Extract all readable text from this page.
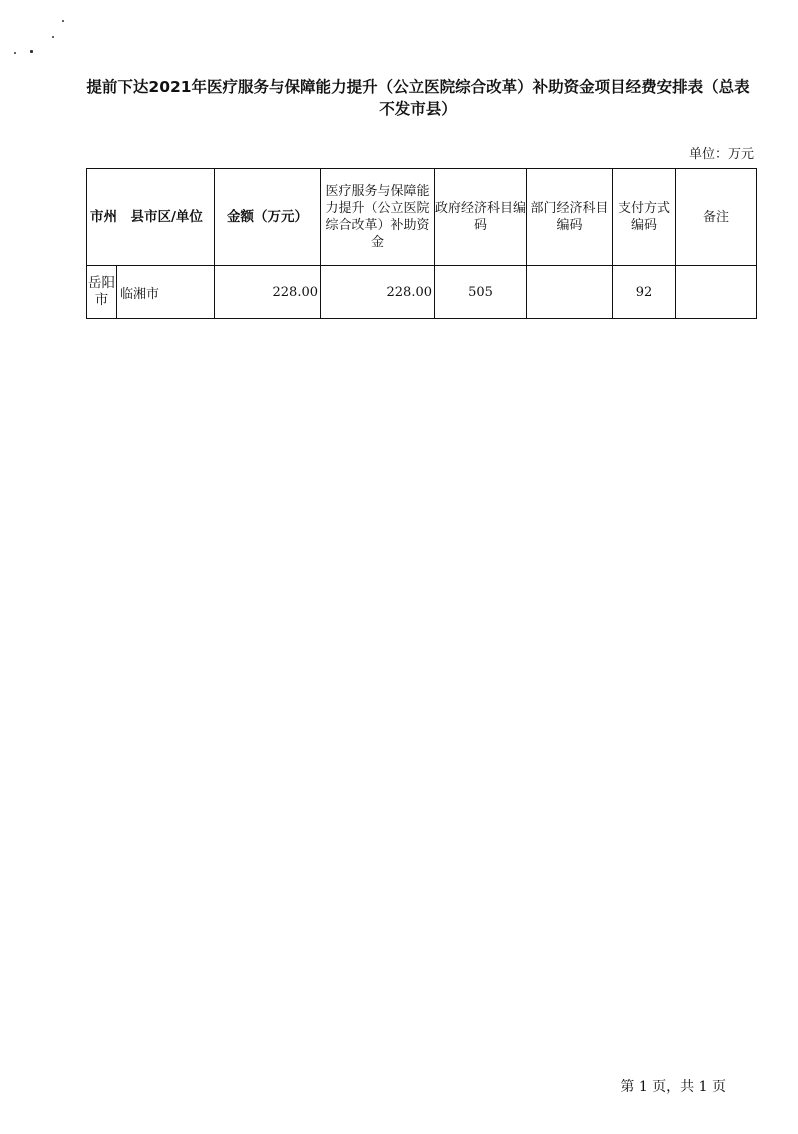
提前下达2021年医疗服务与保障能力提升（公立医院综合改革）补助资金项目经费安排表（总表不发市县）
单位：万元
市州　县市区/单位		金额（万元）	医疗服务与保障能力提升（公立医院综合改革）补助资金	政府经济科目编码	部门经济科目编码	支付方式编码	备注
岳阳市	临湘市	228.00	228.00	505		92	
第 1 页，共 1 页
